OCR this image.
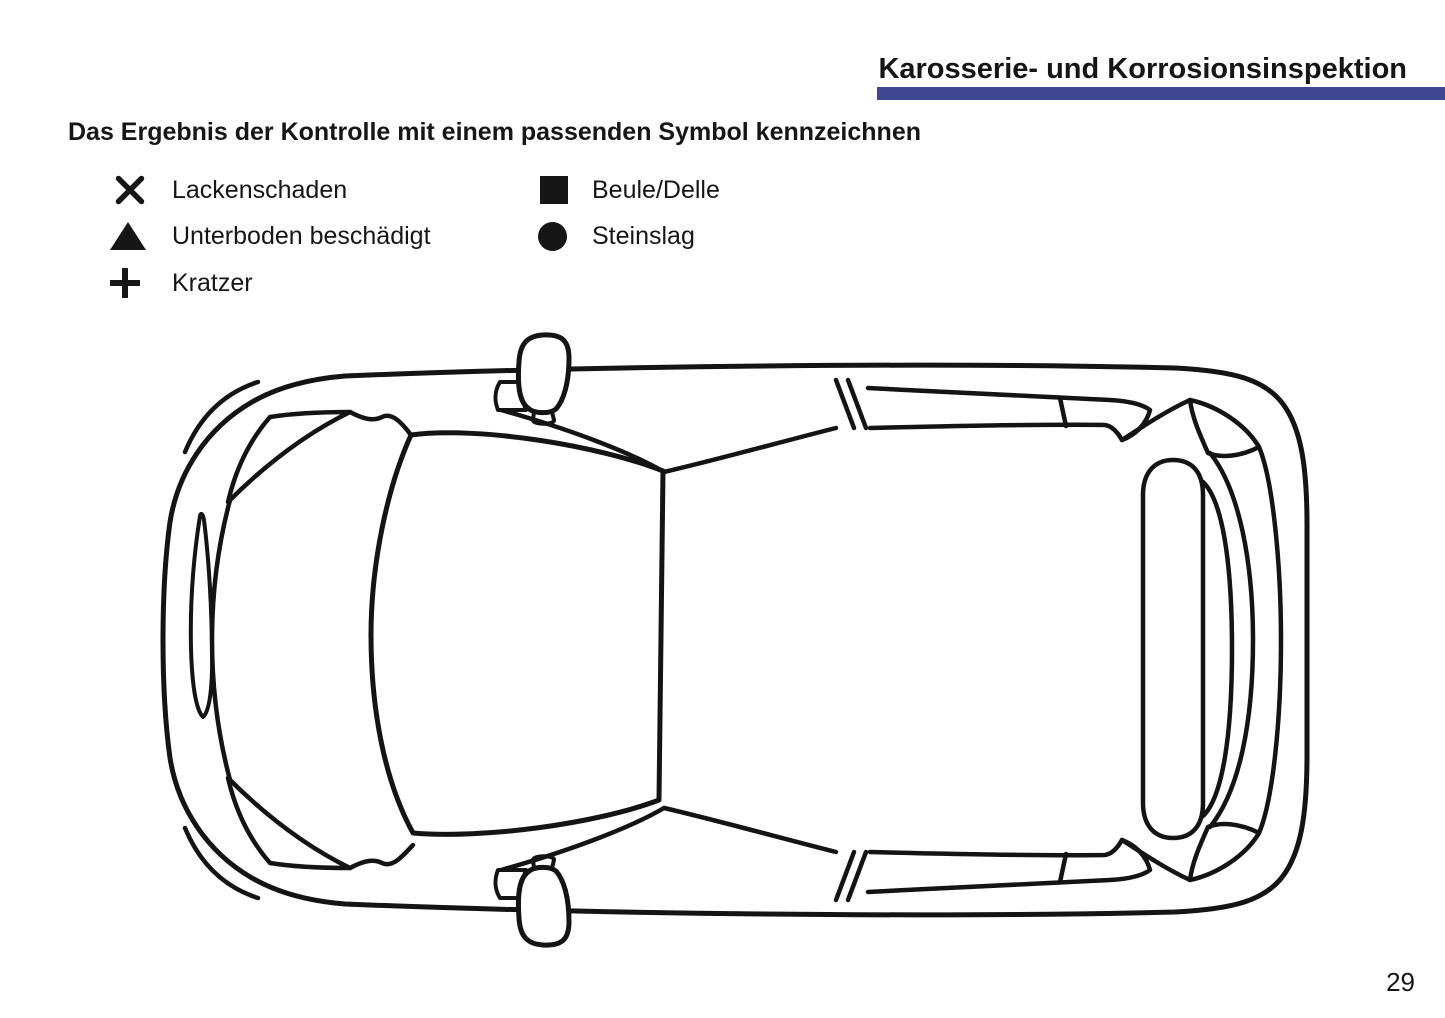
Karosserie- und Korrosionsinspektion
Das Ergebnis der Kontrolle mit einem passenden Symbol kennzeichnen
Lackenschaden
Unterboden beschädigt
Kratzer
Beule/Delle
Steinslag
29
